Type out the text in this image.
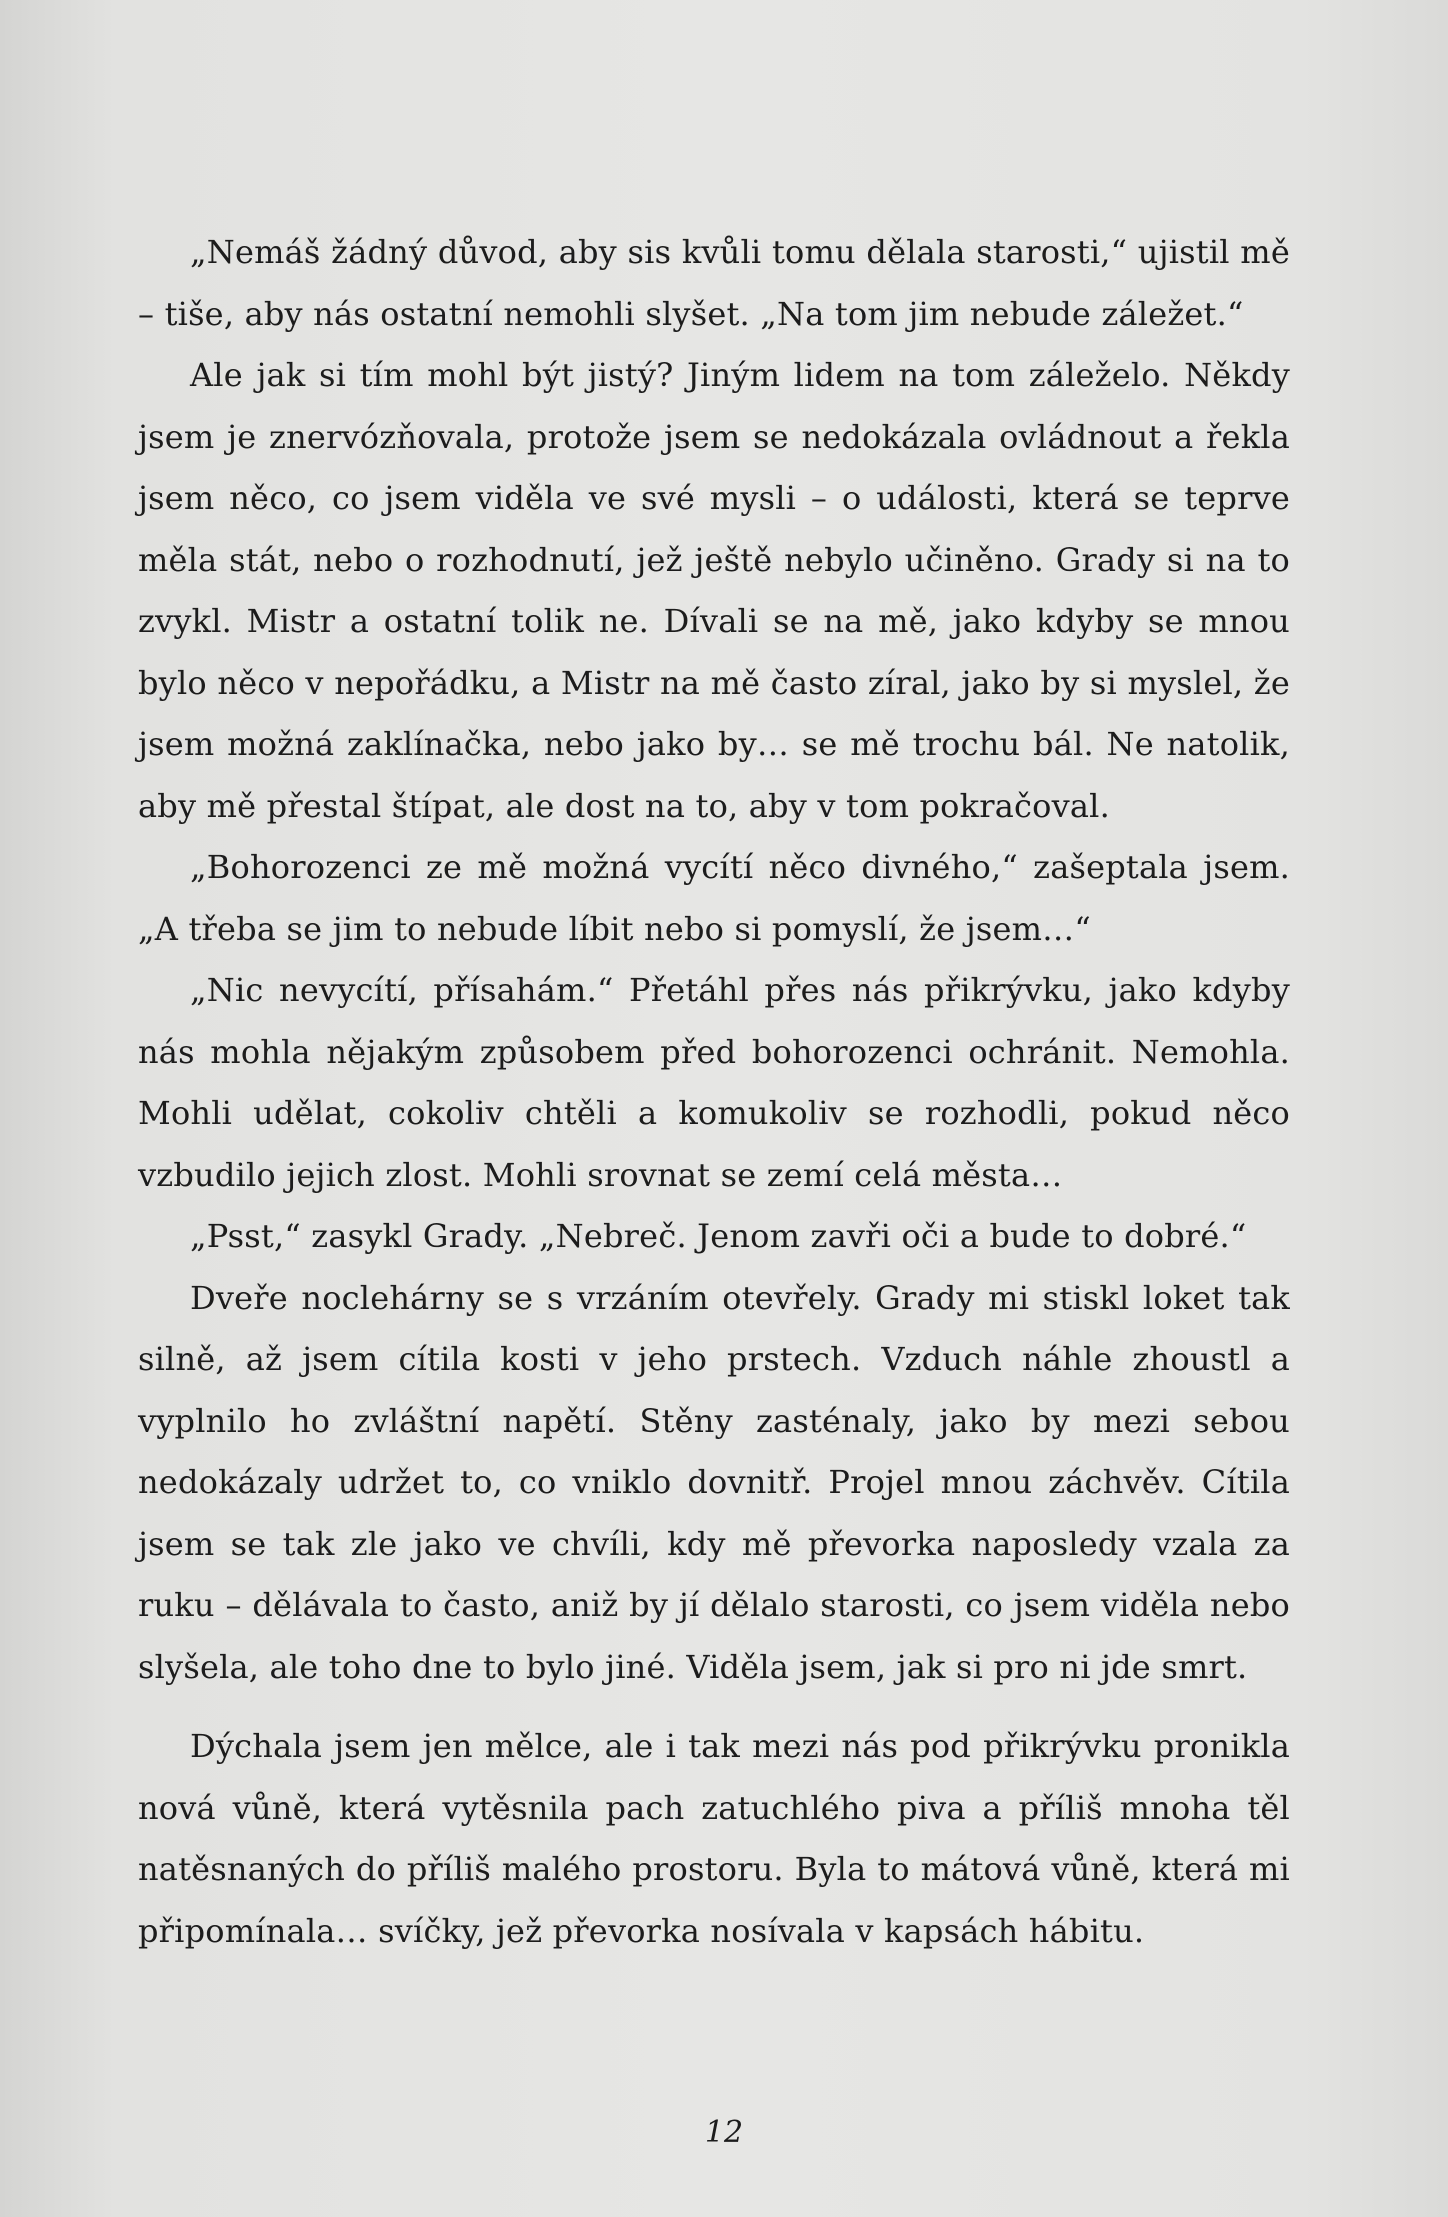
„Nemáš žádný důvod, aby sis kvůli tomu dělala starosti,“ ujistil mě – tiše, aby nás ostatní nemohli slyšet. „Na tom jim nebude záležet.“

Ale jak si tím mohl být jistý? Jiným lidem na tom záleželo. Někdy jsem je znervózňovala, protože jsem se nedokázala ovládnout a řekla jsem něco, co jsem viděla ve své mysli – o události, která se teprve měla stát, nebo o rozhodnutí, jež ještě nebylo učiněno. Grady si na to zvykl. Mistr a ostatní tolik ne. Dívali se na mě, jako kdyby se mnou bylo něco v nepořádku, a Mistr na mě často zíral, jako by si myslel, že jsem možná zaklínačka, nebo jako by… se mě trochu bál. Ne natolik, aby mě přestal štípat, ale dost na to, aby v tom pokračoval.

„Bohorozenci ze mě možná vycítí něco divného,“ zašeptala jsem. „A třeba se jim to nebude líbit nebo si pomyslí, že jsem…“

„Nic nevycítí, přísahám.“ Přetáhl přes nás přikrývku, jako kdyby nás mohla nějakým způsobem před bohorozenci ochránit. Nemohla. Mohli udělat, cokoliv chtěli a komukoliv se rozhodli, pokud něco vzbudilo jejich zlost. Mohli srovnat se zemí celá města…

„Psst,“ zasykl Grady. „Nebreč. Jenom zavři oči a bude to dobré.“

Dveře noclehárny se s vrzáním otevřely. Grady mi stiskl loket tak silně, až jsem cítila kosti v jeho prstech. Vzduch náhle zhoustl a vyplnilo ho zvláštní napětí. Stěny zasténaly, jako by mezi sebou nedokázaly udržet to, co vniklo dovnitř. Projel mnou záchvěv. Cítila jsem se tak zle jako ve chvíli, kdy mě převorka naposledy vzala za ruku – dělávala to často, aniž by jí dělalo starosti, co jsem viděla nebo slyšela, ale toho dne to bylo jiné. Viděla jsem, jak si pro ni jde smrt.

Dýchala jsem jen mělce, ale i tak mezi nás pod přikrývku pronikla nová vůně, která vytěsnila pach zatuchlého piva a příliš mnoha těl natěsnaných do příliš malého prostoru. Byla to mátová vůně, která mi připomínala… svíčky, jež převorka nosívala v kapsách hábitu.

12
